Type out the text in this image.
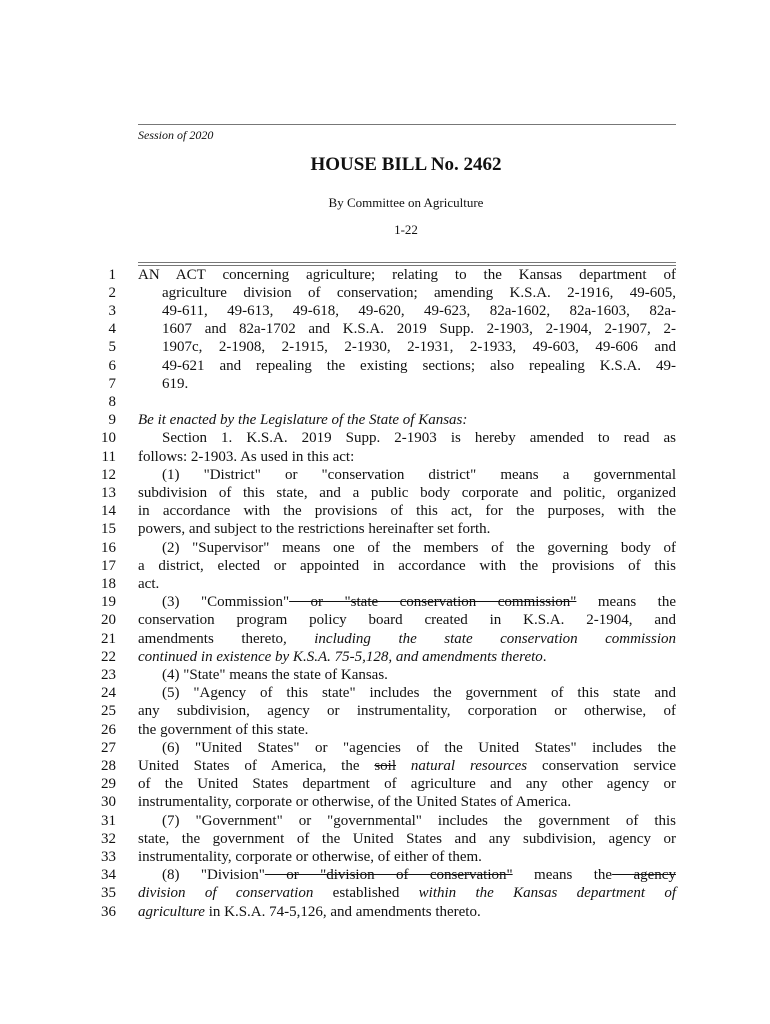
Session of 2020
HOUSE BILL No. 2462
By Committee on Agriculture
1-22
1 AN ACT concerning agriculture; relating to the Kansas department of
2	agriculture division of conservation; amending K.S.A. 2-1916, 49-605,
3	49-611, 49-613, 49-618, 49-620, 49-623, 82a-1602, 82a-1603, 82a-
4	1607 and 82a-1702 and K.S.A. 2019 Supp. 2-1903, 2-1904, 2-1907, 2-
5	1907c, 2-1908, 2-1915, 2-1930, 2-1931, 2-1933, 49-603, 49-606 and
6	49-621 and repealing the existing sections; also repealing K.S.A. 49-
7	619.
8
9 Be it enacted by the Legislature of the State of Kansas:
10	Section 1. K.S.A. 2019 Supp. 2-1903 is hereby amended to read as
11 follows: 2-1903. As used in this act:
12	(1) "District" or "conservation district" means a governmental
13 subdivision of this state, and a public body corporate and politic, organized
14 in accordance with the provisions of this act, for the purposes, with the
15 powers, and subject to the restrictions hereinafter set forth.
16	(2) "Supervisor" means one of the members of the governing body of
17 a district, elected or appointed in accordance with the provisions of this
18 act.
19	(3) "Commission" or "state conservation commission" means the
20 conservation program policy board created in K.S.A. 2-1904, and
21 amendments thereto, including the state conservation commission
22 continued in existence by K.S.A. 75-5,128, and amendments thereto.
23	(4) "State" means the state of Kansas.
24	(5) "Agency of this state" includes the government of this state and
25 any subdivision, agency or instrumentality, corporation or otherwise, of
26 the government of this state.
27	(6) "United States" or "agencies of the United States" includes the
28 United States of America, the soil natural resources conservation service
29 of the United States department of agriculture and any other agency or
30 instrumentality, corporate or otherwise, of the United States of America.
31	(7) "Government" or "governmental" includes the government of this
32 state, the government of the United States and any subdivision, agency or
33 instrumentality, corporate or otherwise, of either of them.
34	(8) "Division" or "division of conservation" means the agency
35 division of conservation established within the Kansas department of
36 agriculture in K.S.A. 74-5,126, and amendments thereto.
